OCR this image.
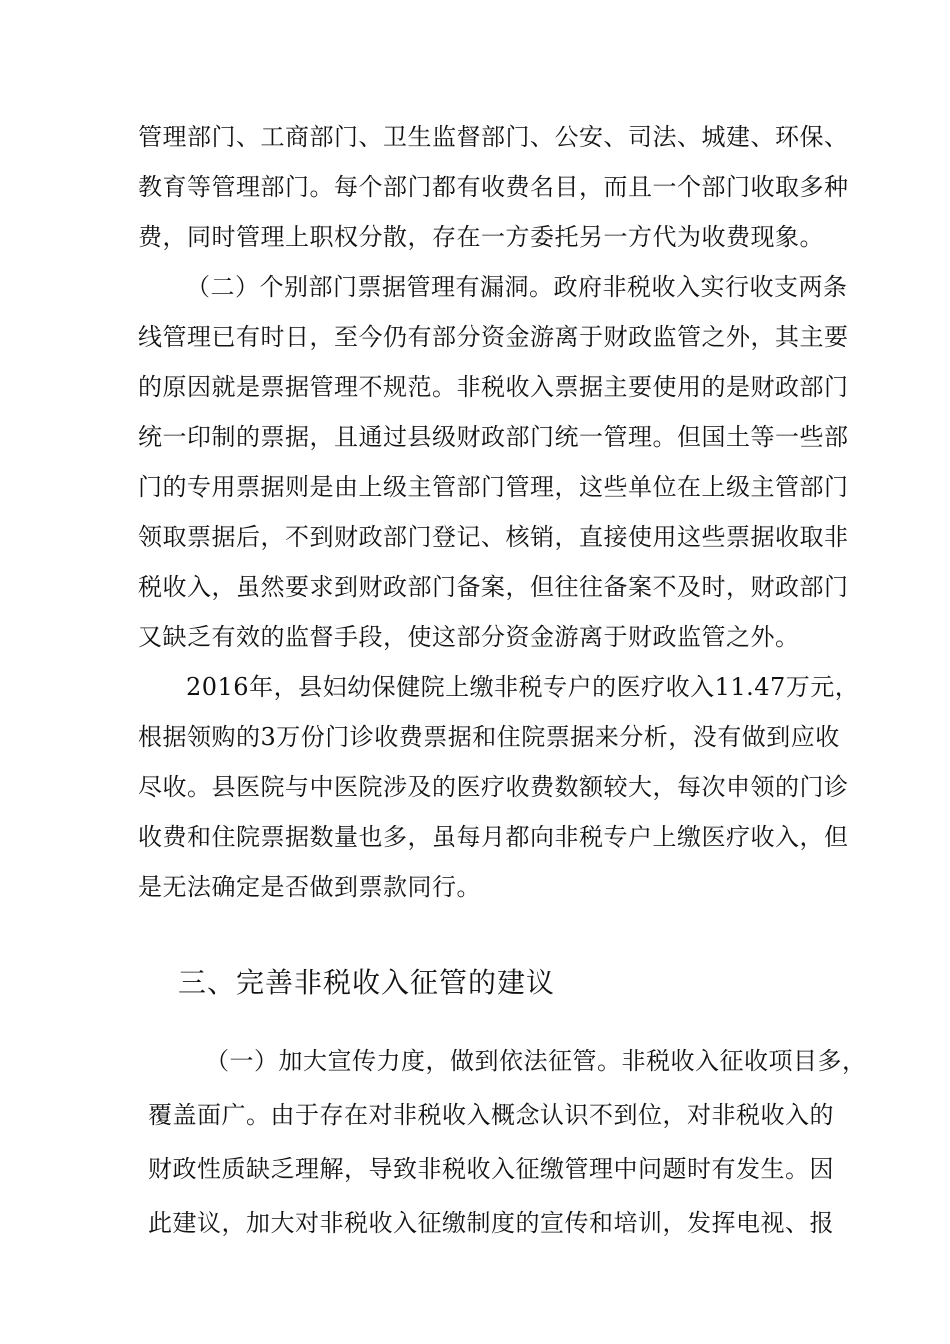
管理部门、工商部门、卫生监督部门、公安、司法、城建、环保、
教育等管理部门。每个部门都有收费名目，而且一个部门收取多种
费，同时管理上职权分散，存在一方委托另一方代为收费现象。
（二）个别部门票据管理有漏洞。政府非税收入实行收支两条
线管理已有时日，至今仍有部分资金游离于财政监管之外，其主要
的原因就是票据管理不规范。非税收入票据主要使用的是财政部门
统一印制的票据，且通过县级财政部门统一管理。但国土等一些部
门的专用票据则是由上级主管部门管理，这些单位在上级主管部门
领取票据后，不到财政部门登记、核销，直接使用这些票据收取非
税收入，虽然要求到财政部门备案，但往往备案不及时，财政部门
又缺乏有效的监督手段，使这部分资金游离于财政监管之外。
2016年，县妇幼保健院上缴非税专户的医疗收入11.47万元，
根据领购的3万份门诊收费票据和住院票据来分析，没有做到应收
尽收。县医院与中医院涉及的医疗收费数额较大，每次申领的门诊
收费和住院票据数量也多，虽每月都向非税专户上缴医疗收入，但
是无法确定是否做到票款同行。
三、完善非税收入征管的建议
（一）加大宣传力度，做到依法征管。非税收入征收项目多，
覆盖面广。由于存在对非税收入概念认识不到位，对非税收入的
财政性质缺乏理解，导致非税收入征缴管理中问题时有发生。因
此建议，加大对非税收入征缴制度的宣传和培训，发挥电视、报
